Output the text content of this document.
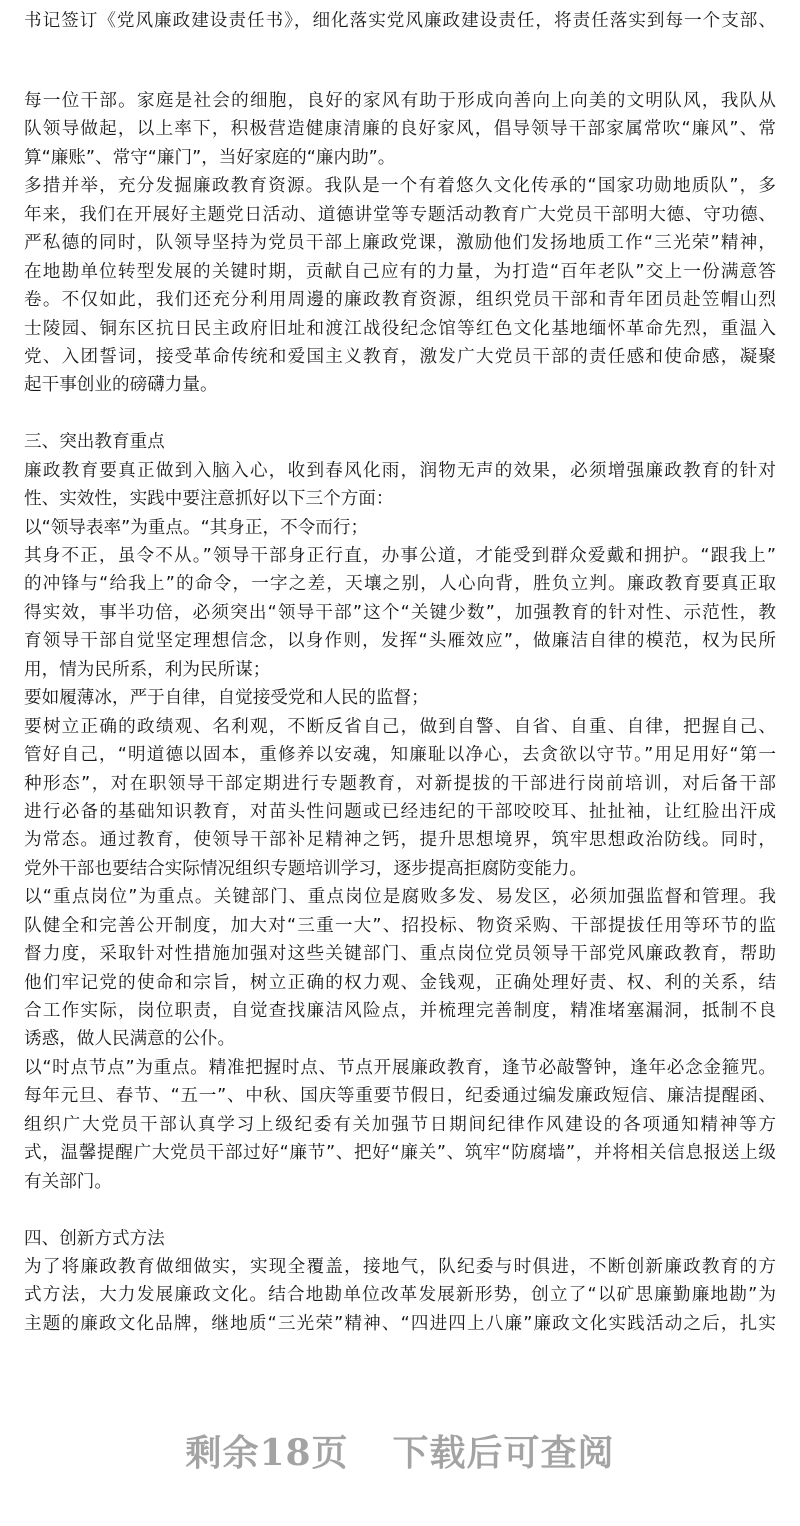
书记签订《党风廉政建设责任书》，细化落实党风廉政建设责任，将责任落实到每一个支部、
每一位干部。家庭是社会的细胞，良好的家风有助于形成向善向上向美的文明队风，我队从
队领导做起，以上率下，积极营造健康清廉的良好家风，倡导领导干部家属常吹“廉风”、常
算“廉账”、常守“廉门”，当好家庭的“廉内助”。
多措并举，充分发掘廉政教育资源。我队是一个有着悠久文化传承的“国家功勋地质队”，多
年来，我们在开展好主题党日活动、道德讲堂等专题活动教育广大党员干部明大德、守功德、
严私德的同时，队领导坚持为党员干部上廉政党课，激励他们发扬地质工作“三光荣”精神，
在地勘单位转型发展的关键时期，贡献自己应有的力量，为打造“百年老队”交上一份满意答
卷。不仅如此，我们还充分利用周邊的廉政教育资源，组织党员干部和青年团员赴笠帽山烈
士陵园、铜东区抗日民主政府旧址和渡江战役纪念馆等红色文化基地缅怀革命先烈，重温入
党、入团誓词，接受革命传统和爱国主义教育，激发广大党员干部的责任感和使命感，凝聚
起干事创业的磅礴力量。
三、突出教育重点
廉政教育要真正做到入脑入心，收到春风化雨，润物无声的效果，必须增强廉政教育的针对
性、实效性，实践中要注意抓好以下三个方面：
以“领导表率”为重点。“其身正，不令而行；
其身不正，虽令不从。”领导干部身正行直，办事公道，才能受到群众爱戴和拥护。“跟我上”
的冲锋与“给我上”的命令，一字之差，天壤之别，人心向背，胜负立判。廉政教育要真正取
得实效，事半功倍，必须突出“领导干部”这个“关键少数”，加强教育的针对性、示范性，教
育领导干部自觉坚定理想信念，以身作则，发挥“头雁效应”，做廉洁自律的模范，权为民所
用，情为民所系，利为民所谋；
要如履薄冰，严于自律，自觉接受党和人民的监督；
要树立正确的政绩观、名利观，不断反省自己，做到自警、自省、自重、自律，把握自己、
管好自己，“明道德以固本，重修养以安魂，知廉耻以净心，去贪欲以守节。”用足用好“第一
种形态”，对在职领导干部定期进行专题教育，对新提拔的干部进行岗前培训，对后备干部
进行必备的基础知识教育，对苗头性问题或已经违纪的干部咬咬耳、扯扯袖，让红脸出汗成
为常态。通过教育，使领导干部补足精神之钙，提升思想境界，筑牢思想政治防线。同时，
党外干部也要结合实际情况组织专题培训学习，逐步提高拒腐防变能力。
以“重点岗位”为重点。关键部门、重点岗位是腐败多发、易发区，必须加强监督和管理。我
队健全和完善公开制度，加大对“三重一大”、招投标、物资采购、干部提拔任用等环节的监
督力度，采取针对性措施加强对这些关键部门、重点岗位党员领导干部党风廉政教育，帮助
他们牢记党的使命和宗旨，树立正确的权力观、金钱观，正确处理好责、权、利的关系，结
合工作实际，岗位职责，自觉查找廉洁风险点，并梳理完善制度，精准堵塞漏洞，抵制不良
诱惑，做人民满意的公仆。
以“时点节点”为重点。精准把握时点、节点开展廉政教育，逢节必敲警钟，逢年必念金箍咒。
每年元旦、春节、“五一”、中秋、国庆等重要节假日，纪委通过编发廉政短信、廉洁提醒函、
组织广大党员干部认真学习上级纪委有关加强节日期间纪律作风建设的各项通知精神等方
式，温馨提醒广大党员干部过好“廉节”、把好“廉关”、筑牢“防腐墙”，并将相关信息报送上级
有关部门。
四、创新方式方法
为了将廉政教育做细做实，实现全覆盖，接地气，队纪委与时俱进，不断创新廉政教育的方
式方法，大力发展廉政文化。结合地勘单位改革发展新形势，创立了“以矿思廉勤廉地勘”为
主题的廉政文化品牌，继地质“三光荣”精神、“四进四上八廉”廉政文化实践活动之后，扎实
剩余18页 下载后可查阅
